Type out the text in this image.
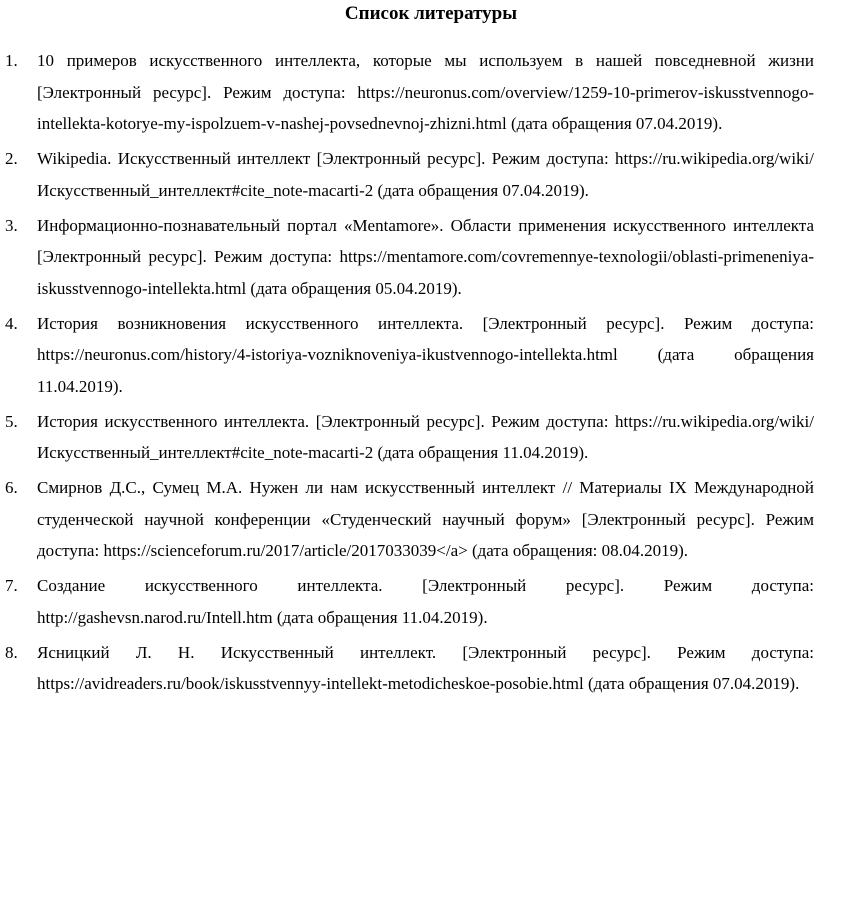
Список литературы
1. 10 примеров искусственного интеллекта, которые мы используем в нашей повседневной жизни [Электронный ресурс]. Режим доступа: https://neuronus.com/overview/1259-10-primerov-iskusstvennogo-intellekta-kotorye-my-ispolzuem-v-nashej-povsednevnoj-zhizni.html (дата обращения 07.04.2019).
2. Wikipedia. Искусственный интеллект [Электронный ресурс]. Режим доступа: https://ru.wikipedia.org/wiki/Искусственный_интеллект#cite_note-macarti-2 (дата обращения 07.04.2019).
3. Информационно-познавательный портал «Mentamore». Области применения искусственного интеллекта [Электронный ресурс]. Режим доступа: https://mentamore.com/covremennye-texnologii/oblasti-primeneniya-iskusstvennogo-intellekta.html (дата обращения 05.04.2019).
4. История возникновения искусственного интеллекта. [Электронный ресурс]. Режим доступа: https://neuronus.com/history/4-istoriya-vozniknoveniya-ikustvennogo-intellekta.html (дата обращения 11.04.2019).
5. История искусственного интеллекта. [Электронный ресурс]. Режим доступа: https://ru.wikipedia.org/wiki/Искусственный_интеллект#cite_note-macarti-2 (дата обращения 11.04.2019).
6. Смирнов Д.С., Сумец М.А. Нужен ли нам искусственный интеллект // Материалы IX Международной студенческой научной конференции «Студенческий научный форум» [Электронный ресурс]. Режим доступа: https://scienceforum.ru/2017/article/2017033039</a> (дата обращения: 08.04.2019).
7. Создание искусственного интеллекта. [Электронный ресурс]. Режим доступа: http://gashevsn.narod.ru/Intell.htm (дата обращения 11.04.2019).
8. Ясницкий Л. Н. Искусственный интеллект. [Электронный ресурс]. Режим доступа: https://avidreaders.ru/book/iskusstvennyy-intellekt-metodicheskoe-posobie.html (дата обращения 07.04.2019).
